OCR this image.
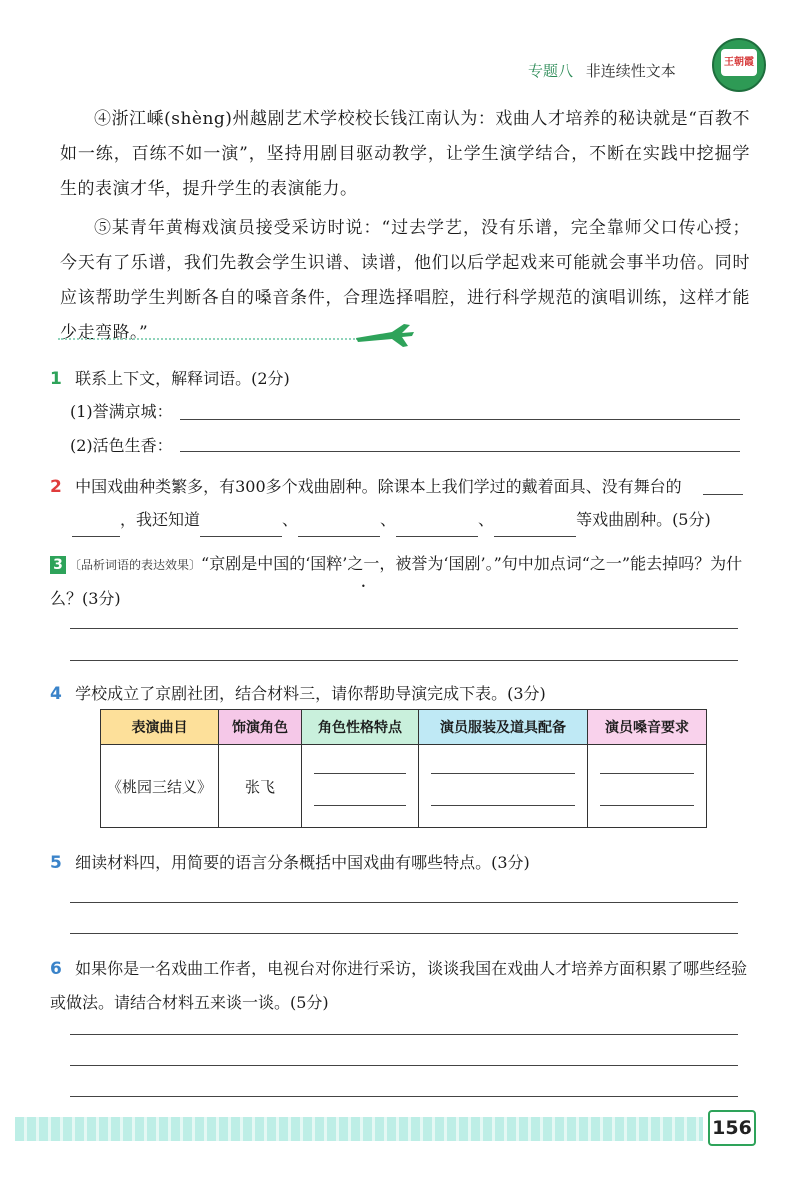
专题八 非连续性文本	王朝霞

④浙江嵊(shèng)州越剧艺术学校校长钱江南认为：戏曲人才培养的秘诀就是“百教不如一练，百练不如一演”，坚持用剧目驱动教学，让学生演学结合，不断在实践中挖掘学生的表演才华，提升学生的表演能力。

⑤某青年黄梅戏演员接受采访时说：“过去学艺，没有乐谱，完全靠师父口传心授；今天有了乐谱，我们先教会学生识谱、读谱，他们以后学起戏来可能就会事半功倍。同时应该帮助学生判断各自的嗓音条件，合理选择唱腔，进行科学规范的演唱训练，这样才能少走弯路。”

1 联系上下文，解释词语。(2分)
(1)誉满京城：
(2)活色生香：
2 中国戏曲种类繁多，有300多个戏曲剧种。除课本上我们学过的戴着面具、没有舞台的
，我还知道	、	、	、	等戏曲剧种。(5分)
3 〔品析词语的表达效果〕“京剧是中国的‘国粹’之一，被誉为‘国剧’。”句中加点词“之一”能去掉吗？为什么？(3分)
4 学校成立了京剧社团，结合材料三，请你帮助导演完成下表。(3分)
表演曲目	饰演角色	角色性格特点	演员服装及道具配备	演员嗓音要求
《桃园三结义》	张飞	

5 细读材料四，用简要的语言分条概括中国戏曲有哪些特点。(3分)
6 如果你是一名戏曲工作者，电视台对你进行采访，谈谈我国在戏曲人才培养方面积累了哪些经验或做法。请结合材料五来谈一谈。(5分)
156
